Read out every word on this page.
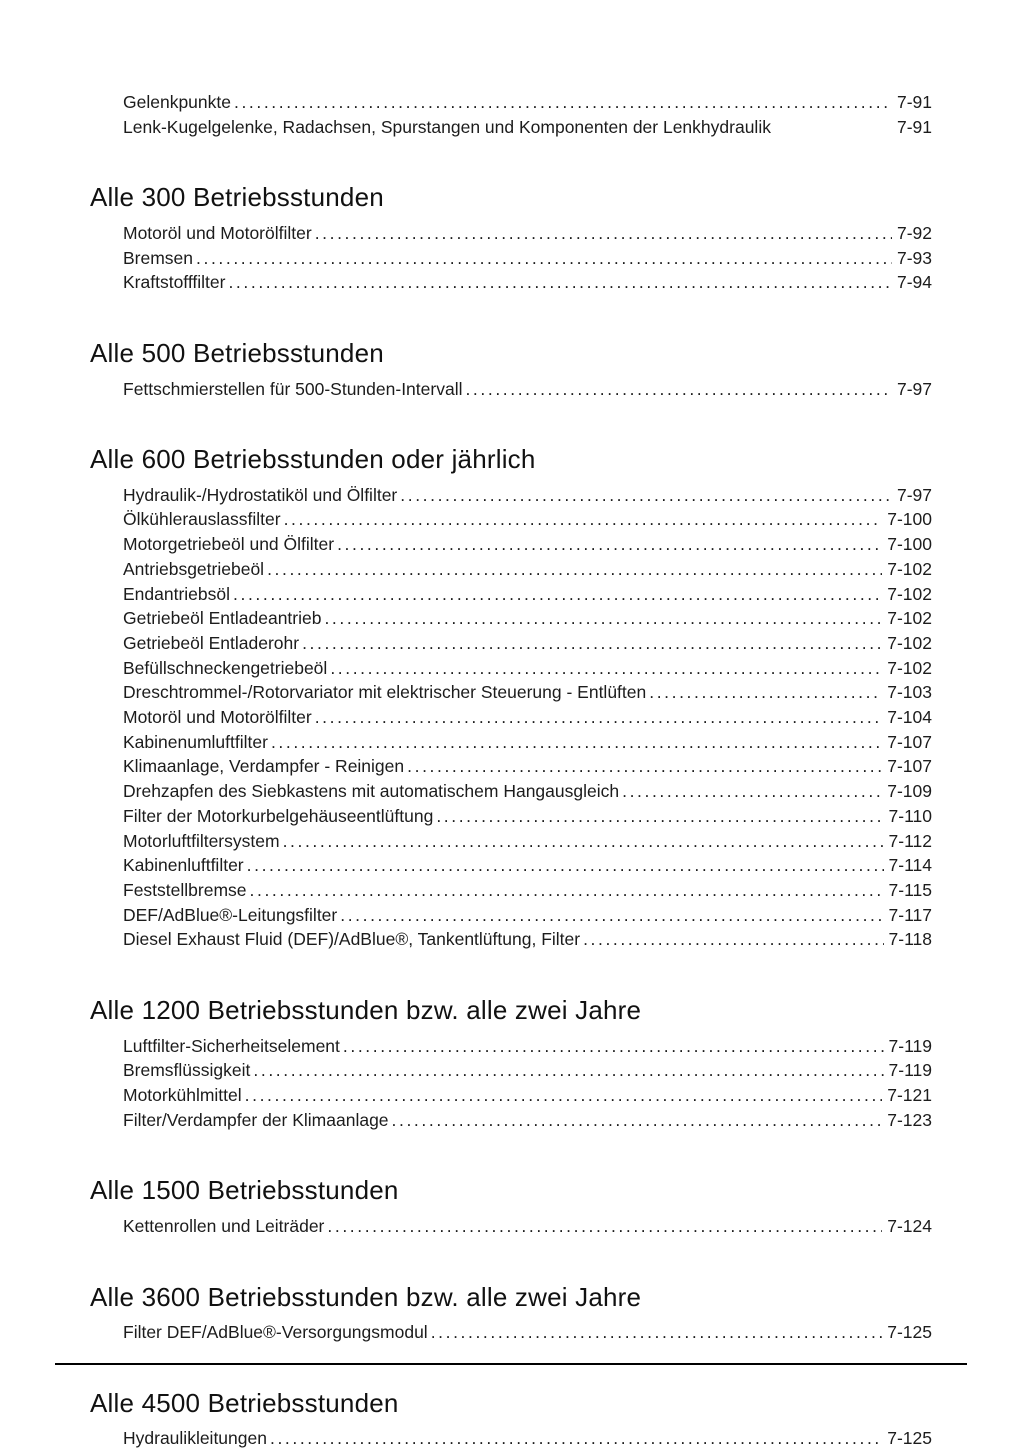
Gelenkpunkte .....	7-91
Lenk-Kugelgelenke, Radachsen, Spurstangen und Komponenten der Lenkhydraulik	7-91
Alle 300 Betriebsstunden
Motoröl und Motorölfilter .....	7-92
Bremsen .....	7-93
Kraftstofffilter .....	7-94
Alle 500 Betriebsstunden
Fettschmierstellen für 500-Stunden-Intervall .....	7-97
Alle 600 Betriebsstunden oder jährlich
Hydraulik-/Hydrostatiköl und Ölfilter .....	7-97
Ölkühlerauslassfilter .....	7-100
Motorgetriebeöl und Ölfilter .....	7-100
Antriebsgetriebeöl .....	7-102
Endantriebsöl .....	7-102
Getriebeöl Entladeantrieb .....	7-102
Getriebeöl Entladerohr .....	7-102
Befüllschneckengetriebeöl .....	7-102
Dreschtrommel-/Rotorvariator mit elektrischer Steuerung - Entlüften .....	7-103
Motoröl und Motorölfilter .....	7-104
Kabinenumluftfilter .....	7-107
Klimaanlage, Verdampfer - Reinigen .....	7-107
Drehzapfen des Siebkastens mit automatischem Hangausgleich .....	7-109
Filter der Motorkurbelgehäuseentlüftung .....	7-110
Motorluftfiltersystem .....	7-112
Kabinenluftfilter .....	7-114
Feststellbremse .....	7-115
DEF/AdBlue®-Leitungsfilter .....	7-117
Diesel Exhaust Fluid (DEF)/AdBlue®, Tankentlüftung, Filter .....	7-118
Alle 1200 Betriebsstunden bzw. alle zwei Jahre
Luftfilter-Sicherheitselement .....	7-119
Bremsflüssigkeit .....	7-119
Motorkühlmittel .....	7-121
Filter/Verdampfer der Klimaanlage .....	7-123
Alle 1500 Betriebsstunden
Kettenrollen und Leiträder .....	7-124
Alle 3600 Betriebsstunden bzw. alle zwei Jahre
Filter DEF/AdBlue®-Versorgungsmodul .....	7-125
Alle 4500 Betriebsstunden
Hydraulikleitungen .....	7-125
